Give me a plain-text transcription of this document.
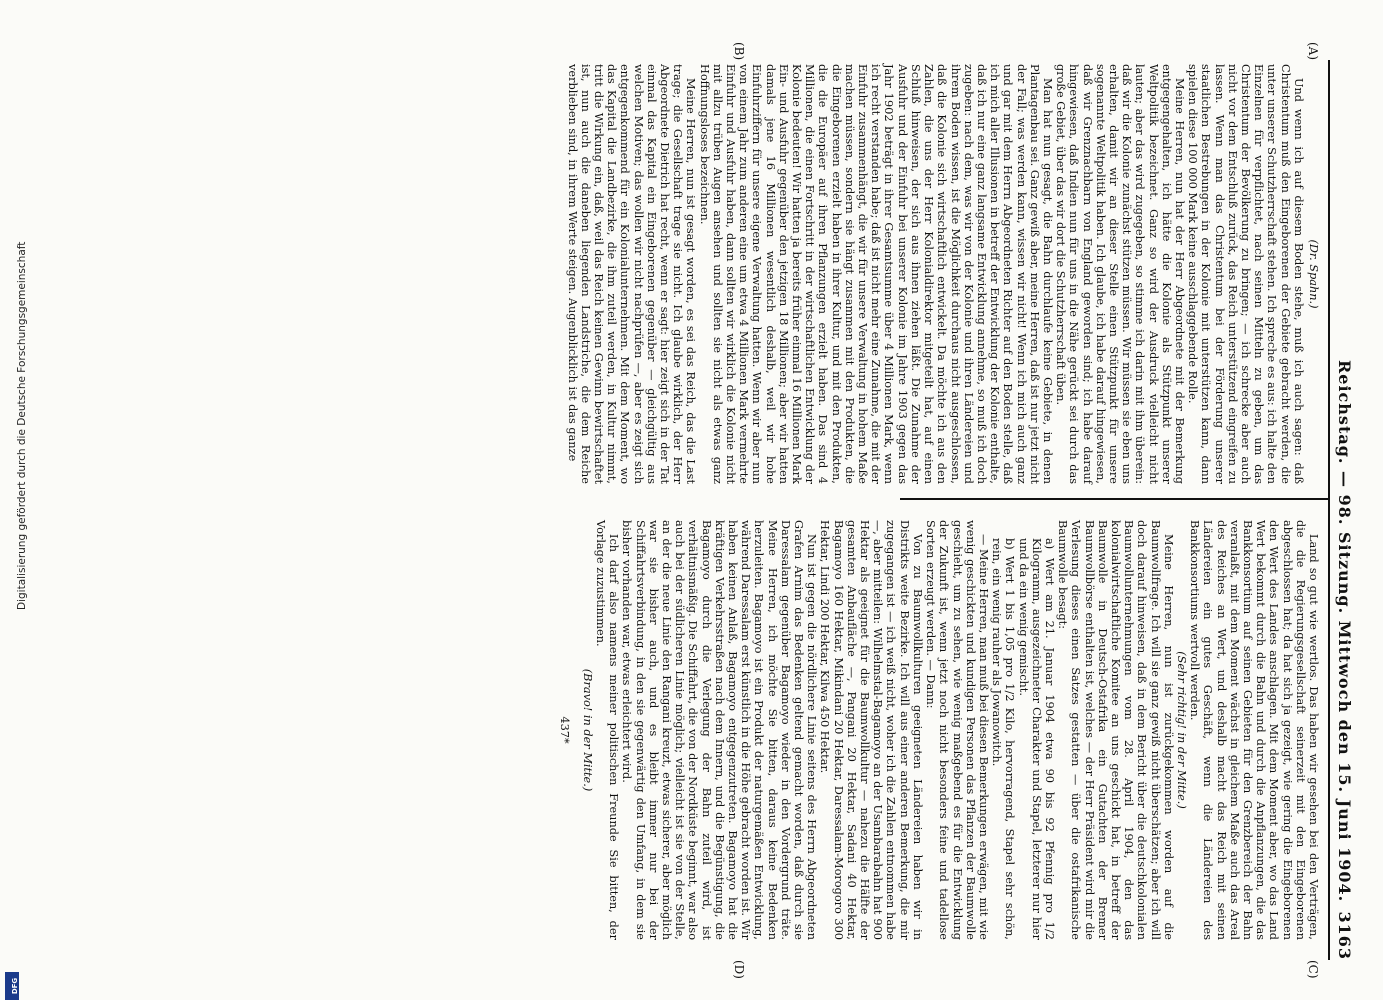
Reichstag. — 98. Sitzung. Mittwoch den 15. Juni 1904.
3163
(A)
(B)
(C)
(D)
(Dr. Spahn.)

Und wenn ich auf diesem Boden stehe, muß ich auch sagen: daß Christentum muß den Eingeborenen der Gebiete gebracht werden, die unter unserer Schutzherrschaft stehen. Ich spreche es aus: ich halte den Einzelnen für verpflichtet, nach seinen Mitteln zu geben, um das Christentum der Bevölkerung zu bringen; — ich schrecke aber auch nicht vor dem Entschluß zurück, das Reich unterstützend eingreifen zu lassen. Wenn man das Christentum bei der Förderung unserer staatlichen Bestrebungen in der Kolonie mit unterstützen kann, dann spielen diese 100 000 Mark keine ausschlaggebende Rolle.

Meine Herren, nun hat der Herr Abgeordnete mit der Bemerkung entgegengehalten, ich hätte die Kolonie als Stützpunkt unserer Weltpolitik bezeichnet. Ganz so wird der Ausdruck vielleicht nicht lauten; aber das wird zugegeben, so stimme ich darin mit ihm überein: daß wir die Kolonie zunächst stützen müssen. Wir müssen sie eben uns erhalten, damit wir an dieser Stelle einen Stützpunkt für unsere sogenannte Weltpolitik haben. Ich glaube, ich habe darauf hingewiesen, daß wir Grenznachbarn von England geworden sind; ich habe darauf hingewiesen, daß Indien nun für uns in die Nähe gerückt sei durch das große Gebiet, über das wir dort die Schutzherrschaft üben.

Man hat nun gesagt, die Bahn durchlaufe keine Gebiete, in denen Plantagenbau sei. Ganz gewiß aber, meine Herren, daß ist nur jetzt nicht der Fall; was werden kann, wissen wir nicht! Wenn ich mich auch ganz und gar mit dem Herrn Abgeordneten Richter auf den Boden stelle, daß ich mich aller Illusionen in betreff der Entwicklung der Kolonie enthalte, daß ich nur eine ganz langsame Entwicklung annehme, so muß ich doch zugeben: nach dem, was wir von der Kolonie und ihren Ländereien und ihrem Boden wissen, ist die Möglichkeit durchaus nicht ausgeschlossen, daß die Kolonie sich wirtschaftlich entwickelt. Da möchte ich aus den Zahlen, die uns der Herr Kolonialdirektor mitgeteilt hat, auf einen Schluß hinweisen, der sich aus ihnen ziehen läßt. Die Zunahme der Ausfuhr und der Einfuhr bei unserer Kolonie im Jahre 1903 gegen das Jahr 1902 beträgt in ihrer Gesamtsumme über 4 Millionen Mark, wenn ich recht verstanden habe; daß ist nicht mehr eine Zunahme, die mit der Einfuhr zusammenhängt, die wir für unsere Verwaltung in hohem Maße machen müssen, sondern sie hängt zusammen mit den Produkten, die die Eingeborenen erzielt haben in ihrer Kultur, und mit den Produkten, die die Europäer auf ihren Pflanzungen erzielt haben. Das sind 4 Millionen, die einen Fortschritt in der wirtschaftlichen Entwicklung der Kolonie bedeuten! Wir hatten ja bereits früher einmal 16 Millionen Mark Ein- und Ausfuhr gegenüber den jetzigen 18 Millionen; aber wir hatten damals jene 16 Millionen wesentlich deshalb, weil wir hohe Einfuhrziffern für unsere eigene Verwaltung hatten. Wenn wir aber nun von einem Jahr zum anderen eine um etwa 4 Millionen Mark vermehrte Einfuhr und Ausfuhr haben, dann sollten wir wirklich die Kolonie nicht mit allzu trüben Augen ansehen und sollten sie nicht als etwas ganz Hoffnungsloses bezeichnen.

Meine Herren, nun ist gesagt worden, es sei das Reich, das die Last trage; die Gesellschaft trage sie nicht. Ich glaube wirklich, der Herr Abgeordnete Dietrich hat recht, wenn er sagt: hier zeigt sich in der Tat einmal das Kapital ein Eingeborenen gegenüber — gleichgültig aus welchen Motiven; das wollen wir nicht nachprüfen —, aber es zeigt sich entgegenkommend für ein Kolonialunternehmen. Mit dem Moment, wo das Kapital die Landbezirke, die ihm zuteil werden, in Kultur nimmt, tritt die Wirkung ein, daß, weil das Reich keinen Gewinn bewirtschaftet ist, nun auch die daneben liegenden Landstriche, die dem Reiche verblieben sind, in ihrem Werte steigen. Augenblicklich ist das ganze

Land so gut wie wertlos. Das haben wir gesehen bei den Verträgen, die die Regierungsgesellschaft seinerzeit mit den Eingeborenen abgeschlossen hat; da hat sich ja gezeigt, wie gering die Eingeborenen den Wert des Landes anschlagen. Mit dem Moment aber, wo das Land Wert bekommt durch die Bahn und durch die Anpflanzungen, die das Bankkonsortium auf seinen Gebieten für den Grenzbereich der Bahn veranlaßt, mit dem Moment wächst in gleichem Maße auch das Areal des Reiches an Wert, und deshalb macht das Reich mit seinen Ländereien ein gutes Geschäft, wenn die Ländereien des Bankkonsortiums wertvoll werden.

(Sehr richtig! in der Mitte.)

Meine Herren, nun ist zurückgekommen worden auf die Baumwollfrage. Ich will sie ganz gewiß nicht überschätzen; aber ich will doch darauf hinweisen, daß in dem Bericht über die deutschkolonialen Baumwollunternehmungen vom 28. April 1904, den das kolonialwirtschaftliche Komitee an uns geschickt hat, in betreff der Baumwolle in Deutsch-Ostafrika ein Gutachten der Bremer Baumwollbörse enthalten ist, welches — der Herr Präsident wird mir die Verlesung dieses einen Satzes gestatten — über die ostafrikanische Baumwolle besagt:

a) Wert am 21. Januar 1904 etwa 90 bis 92 Pfennig pro 1/2 Kilogramm, ausgezeichneter Charakter und Stapel, letzterer nur hier und da ein wenig gemischt.

b) Wert 1 bis 1,05 pro 1/2 Kilo, hervorragend, Stapel sehr schön, rein, ein wenig rauher als Jowanowitch.

— Meine Herren, man muß bei diesen Bemerkungen erwägen, mit wie wenig geschickten und kundigen Personen das Pflanzen der Baumwolle geschieht, um zu sehen, wie wenig maßgebend es für die Entwicklung der Zukunft ist, wenn jetzt noch nicht besonders feine und tadellose Sorten erzeugt werden. — Dann:

Von zu Baumwollkulturen geeigneten Ländereien haben wir in Distrikts weite Bezirke. Ich will aus einer anderen Bemerkung, die mir zugegangen ist — ich weiß nicht, woher ich die Zahlen entnommen habe —, aber mitteilen: Wilhelmstal-Bagamoyo an der Usambarabahn hat 900 Hektar als geeignet für die Baumwollkultur — nahezu die Hälfte der gesamten Anbaufläche —, Pangani 20 Hektar, Sadani 40 Hektar, Bagamoyo 160 Hektar, Mikindani 20 Hektar, Daressalam-Morogoro 300 Hektar, Lindi 200 Hektar, Kilwa 450 Hektar.

Nun ist gegen die nördlichere Linie seitens des Herrn Abgeordneten Grafen Arnim das Bedenken geltend gemacht worden, daß durch sie Daressalam gegenüber Bagamoyo wieder in den Vordergrund träte. Meine Herren, ich möchte Sie bitten, daraus keine Bedenken herzuleiten. Bagamoyo ist ein Produkt der naturgemäßen Entwicklung, während Daressalam erst künstlich in die Höhe gebracht worden ist. Wir haben keinen Anlaß, Bagamoyo entgegenzutreten. Bagamoyo hat die kräftigen Verkehrsstraßen nach dem Innern, und die Begünstigung, die Bagamoyo durch die Verlegung der Bahn zuteil wird, ist verhältnismäßig. Die Schiffahrt, die von der Nordküste beginnt, war also auch bei der südlicheren Linie möglich; vielleicht ist sie von der Stelle, an der die neue Linie den Rangani kreuzt, etwas sicherer, aber möglich war sie bisher auch, und es bleibt immer nur bei der Schiffahrtsverbindung, in den sie gegenwärtig den Umfang, in dem sie bisher vorhanden war, etwas erleichtert wird.

Ich darf also namens meiner politischen Freunde Sie bitten, der Vorlage zuzustimmen.

(Bravo! in der Mitte.)
437*
Digitalisierung gefördert durch die Deutsche Forschungsgemeinschaft
DFG
